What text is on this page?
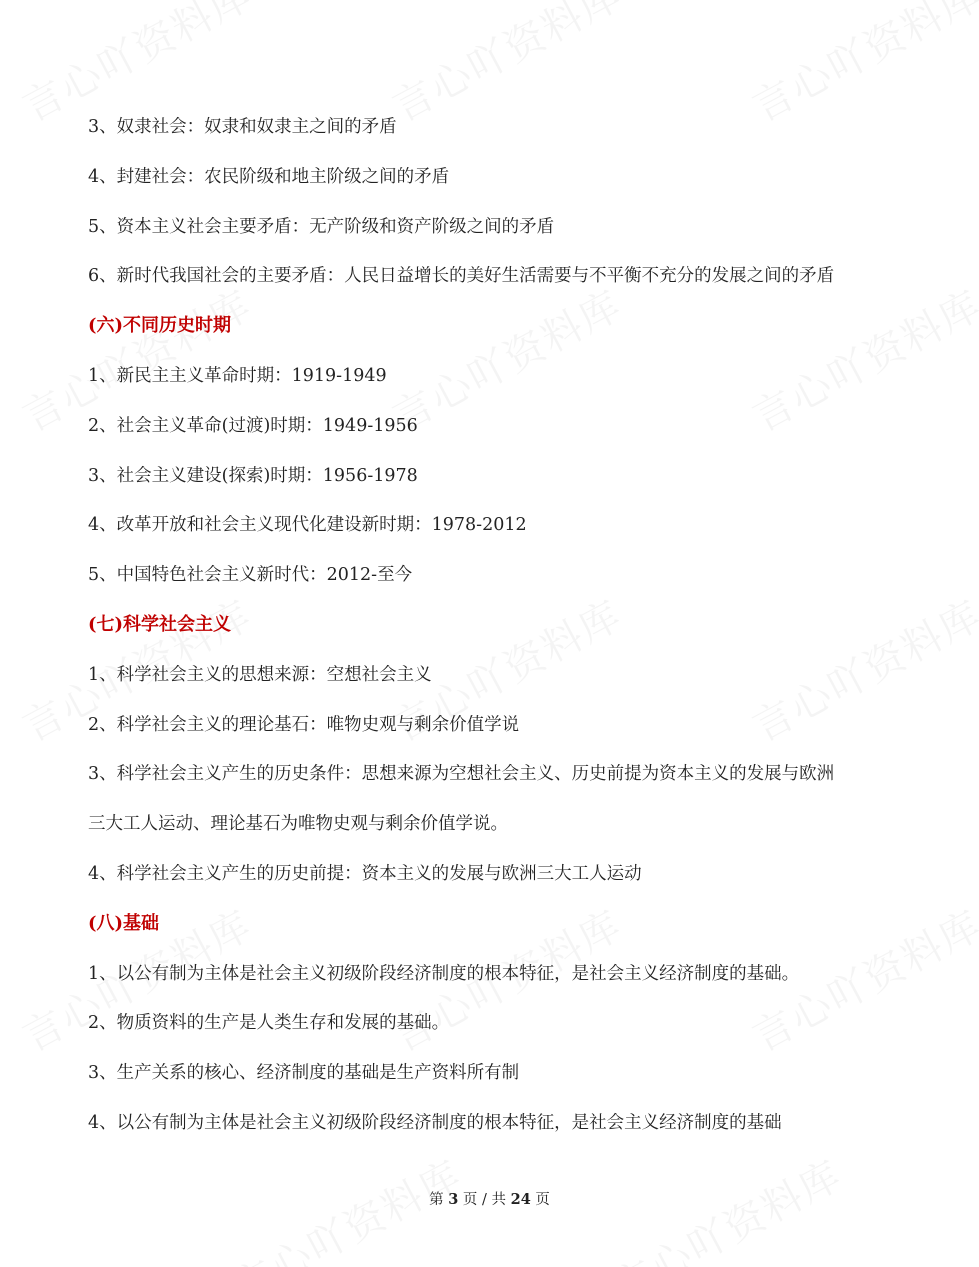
3、奴隶社会：奴隶和奴隶主之间的矛盾
4、封建社会：农民阶级和地主阶级之间的矛盾
5、资本主义社会主要矛盾：无产阶级和资产阶级之间的矛盾
6、新时代我国社会的主要矛盾：人民日益增长的美好生活需要与不平衡不充分的发展之间的矛盾
(六)不同历史时期
1、新民主主义革命时期：1919-1949
2、社会主义革命(过渡)时期：1949-1956
3、社会主义建设(探索)时期：1956-1978
4、改革开放和社会主义现代化建设新时期：1978-2012
5、中国特色社会主义新时代：2012-至今
(七)科学社会主义
1、科学社会主义的思想来源：空想社会主义
2、科学社会主义的理论基石：唯物史观与剩余价值学说
3、科学社会主义产生的历史条件：思想来源为空想社会主义、历史前提为资本主义的发展与欧洲
三大工人运动、理论基石为唯物史观与剩余价值学说。
4、科学社会主义产生的历史前提：资本主义的发展与欧洲三大工人运动
(八)基础
1、以公有制为主体是社会主义初级阶段经济制度的根本特征，是社会主义经济制度的基础。
2、物质资料的生产是人类生存和发展的基础。
3、生产关系的核心、经济制度的基础是生产资料所有制
4、以公有制为主体是社会主义初级阶段经济制度的根本特征，是社会主义经济制度的基础
第 3 页 / 共 24 页
